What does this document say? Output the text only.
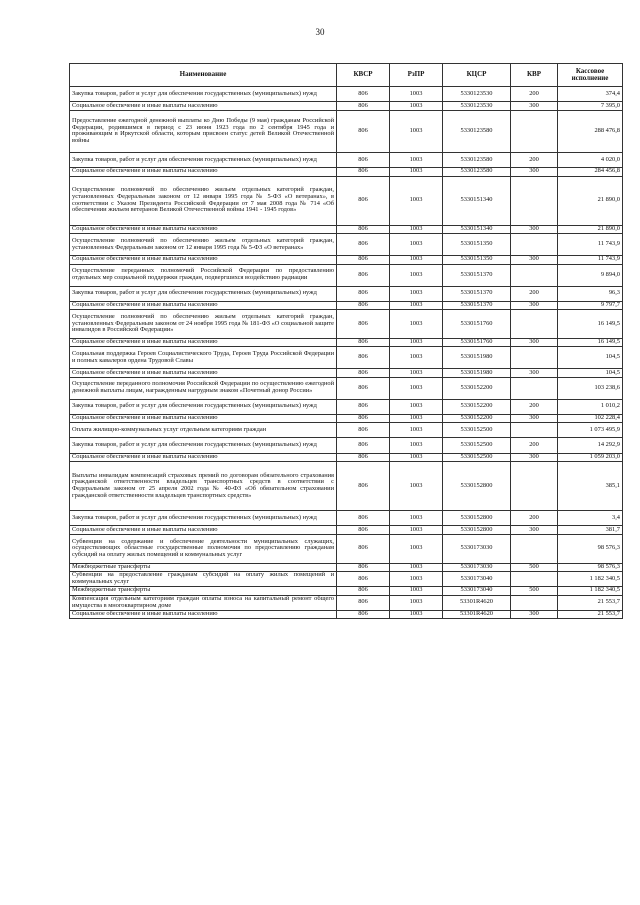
30
Наименование	КВСР	РзПР	КЦСР	КВР	Кассовое исполнение
Закупка товаров, работ и услуг для обеспечения государственных (муниципальных) нужд	806	1003	5330123530	200	374,4
Социальное обеспечение и иные выплаты населению	806	1003	5330123530	300	7 395,0
Предоставление ежегодной денежной выплаты ко Дню Победы (9 мая) гражданам Российской Федерации, родившимся в период с 23 июня 1923 года по 2 сентября 1945 года и проживающим в Иркутской области, которым присвоен статус детей Великой Отечественной войны	806	1003	5330123580		288 476,8
Закупка товаров, работ и услуг для обеспечения государственных (муниципальных) нужд	806	1003	5330123580	200	4 020,0
Социальное обеспечение и иные выплаты населению	806	1003	5330123580	300	284 456,8
Осуществление полномочий по обеспечению жильем отдельных категорий граждан, установленных Федеральным законом от 12 января 1995 года № 5-ФЗ «О ветеранах», в соответствии с Указом Президента Российской Федерации от 7 мая 2008 года № 714 «Об обеспечении жильем ветеранов Великой Отечественной войны 1941 - 1945 годов»	806	1003	5330151340		21 890,0
Социальное обеспечение и иные выплаты населению	806	1003	5330151340	300	21 890,0
Осуществление полномочий по обеспечению жильем отдельных категорий граждан, установленных Федеральным законом от 12 января 1995 года № 5-ФЗ «О ветеранах»	806	1003	5330151350		11 743,9
Социальное обеспечение и иные выплаты населению	806	1003	5330151350	300	11 743,9
Осуществление переданных полномочий Российской Федерации по предоставлению отдельных мер социальной поддержки граждан, подвергшихся воздействию радиации	806	1003	5330151370		9 894,0
Закупка товаров, работ и услуг для обеспечения государственных (муниципальных) нужд	806	1003	5330151370	200	96,3
Социальное обеспечение и иные выплаты населению	806	1003	5330151370	300	9 797,7
Осуществление полномочий по обеспечению жильем отдельных категорий граждан, установленных Федеральным законом от 24 ноября 1995 года № 181-ФЗ «О социальной защите инвалидов в Российской Федерации»	806	1003	5330151760		16 149,5
Социальное обеспечение и иные выплаты населению	806	1003	5330151760	300	16 149,5
Социальная поддержка Героев Социалистического Труда, Героев Труда Российской Федерации и полных кавалеров ордена Трудовой Славы	806	1003	5330151980		104,5
Социальное обеспечение и иные выплаты населению	806	1003	5330151980	300	104,5
Осуществление переданного полномочия Российской Федерации по осуществлению ежегодной денежной выплаты лицам, награжденным нагрудным знаком «Почетный донор России»	806	1003	5330152200		103 238,6
Закупка товаров, работ и услуг для обеспечения государственных (муниципальных) нужд	806	1003	5330152200	200	1 010,2
Социальное обеспечение и иные выплаты населению	806	1003	5330152200	300	102 228,4
Оплата жилищно-коммунальных услуг отдельным категориям граждан	806	1003	5330152500		1 073 495,9
Закупка товаров, работ и услуг для обеспечения государственных (муниципальных) нужд	806	1003	5330152500	200	14 292,9
Социальное обеспечение и иные выплаты населению	806	1003	5330152500	300	1 059 203,0
Выплаты инвалидам компенсаций страховых премий по договорам обязательного страхования гражданской ответственности владельцев транспортных средств в соответствии с Федеральным законом от 25 апреля 2002 года № 40-ФЗ «Об обязательном страховании гражданской ответственности владельцев транспортных средств»	806	1003	5330152800		385,1
Закупка товаров, работ и услуг для обеспечения государственных (муниципальных) нужд	806	1003	5330152800	200	3,4
Социальное обеспечение и иные выплаты населению	806	1003	5330152800	300	381,7
Субвенции на содержание и обеспечение деятельности муниципальных служащих, осуществляющих областные государственные полномочия по предоставлению гражданам субсидий на оплату жилых помещений и коммунальных услуг	806	1003	5330173030		98 576,3
Межбюджетные трансферты	806	1003	5330173030	500	98 576,3
Субвенции на предоставление гражданам субсидий на оплату жилых помещений и коммунальных услуг	806	1003	5330173040		1 182 340,5
Межбюджетные трансферты	806	1003	5330173040	500	1 182 340,5
Компенсация отдельным категориям граждан оплаты взноса на капитальный ремонт общего имущества в многоквартирном доме	806	1003	53301R4620		21 553,7
Социальное обеспечение и иные выплаты населению	806	1003	53301R4620	300	21 553,7
